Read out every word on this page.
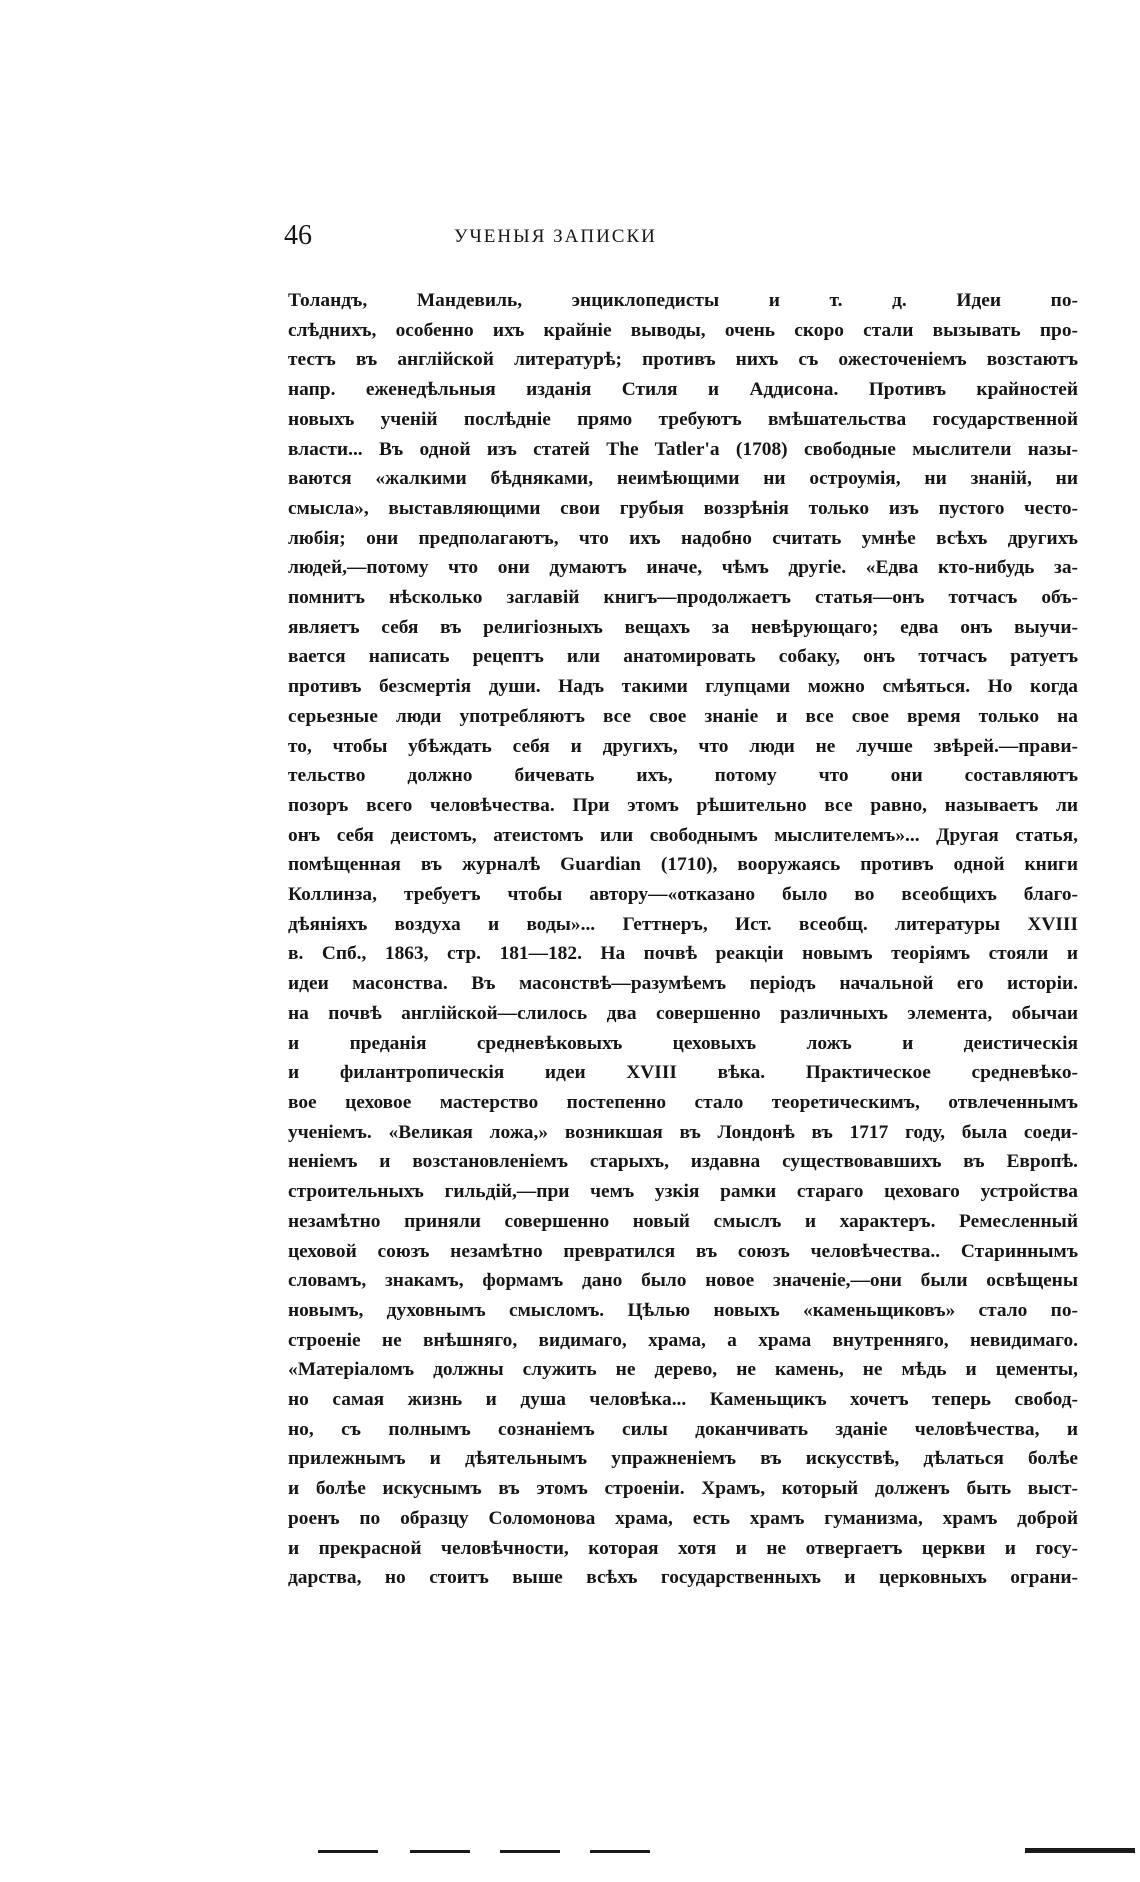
46	УЧЕНЫЯ ЗАПИСКИ
Толандъ, Мандевиль, энциклопедисты и т. д. Идеи по-
слѣднихъ, особенно ихъ крайніе выводы, очень скоро стали вызывать про-
тестъ въ англійской литературѣ; противъ нихъ съ ожесточеніемъ возстаютъ
напр. еженедѣльныя изданія Стиля и Аддисона. Противъ крайностей
новыхъ ученій послѣдніе прямо требуютъ вмѣшательства государственной
власти... Въ одной изъ статей The Tatler'a (1708) свободные мыслители назы-
ваются «жалкими бѣдняками, неимѣющими ни остроумія, ни знаній, ни
смысла», выставляющими свои грубыя воззрѣнія только изъ пустого често-
любія; они предполагаютъ, что ихъ надобно считать умнѣе всѣхъ другихъ
людей,—потому что они думаютъ иначе, чѣмъ другіе. «Едва кто-нибудь за-
помнитъ нѣсколько заглавій книгъ—продолжаетъ статья—онъ тотчасъ объ-
являетъ себя въ религіозныхъ вещахъ за невѣрующаго; едва онъ выучи-
вается написать рецептъ или анатомировать собаку, онъ тотчасъ ратуетъ
противъ безсмертія души. Надъ такими глупцами можно смѣяться. Но когда
серьезные люди употребляютъ все свое знаніе и все свое время только на
то, чтобы убѣждать себя и другихъ, что люди не лучше звѣрей.—прави-
тельство должно бичевать ихъ, потому что они составляютъ
позоръ всего человѣчества. При этомъ рѣшительно все равно, называетъ ли
онъ себя деистомъ, атеистомъ или свободнымъ мыслителемъ»... Другая статья,
помѣщенная въ журналѣ Guardian (1710), вооружаясь противъ одной книги
Коллинза, требуетъ чтобы автору—«отказано было во всеобщихъ благо-
дѣяніяхъ воздуха и воды»... Геттнеръ, Ист. всеобщ. литературы XVIII
в. Спб., 1863, стр. 181—182. На почвѣ реакціи новымъ теоріямъ стояли и
идеи масонства. Въ масонствѣ—разумѣемъ періодъ начальной его исторіи.
на почвѣ англійской—слилось два совершенно различныхъ элемента, обычаи
и преданія средневѣковыхъ цеховыхъ ложъ и деистическія
и филантропическія идеи XVIII вѣка. Практическое средневѣко-
вое цеховое мастерство постепенно стало теоретическимъ, отвлеченнымъ
ученіемъ. «Великая ложа,» возникшая въ Лондонѣ въ 1717 году, была соеди-
неніемъ и возстановленіемъ старыхъ, издавна существовавшихъ въ Европѣ.
строительныхъ гильдій,—при чемъ узкія рамки стараго цеховаго устройства
незамѣтно приняли совершенно новый смыслъ и характеръ. Ремесленный
цеховой союзъ незамѣтно превратился въ союзъ человѣчества.. Стариннымъ
словамъ, знакамъ, формамъ дано было новое значеніе,—они были освѣщены
новымъ, духовнымъ смысломъ. Цѣлью новыхъ «каменьщиковъ» стало по-
строеніе не внѣшняго, видимаго, храма, а храма внутренняго, невидимаго.
«Матеріаломъ должны служить не дерево, не камень, не мѣдь и цементы,
но самая жизнь и душа человѣка... Каменьщикъ хочетъ теперь свобод-
но, съ полнымъ сознаніемъ силы доканчивать зданіе человѣчества, и
прилежнымъ и дѣятельнымъ упражненіемъ въ искусствѣ, дѣлаться болѣе
и болѣе искуснымъ въ этомъ строеніи. Храмъ, который долженъ быть выст-
роенъ по образцу Соломонова храма, есть храмъ гуманизма, храмъ доброй
и прекрасной человѣчности, которая хотя и не отвергаетъ церкви и госу-
дарства, но стоитъ выше всѣхъ государственныхъ и церковныхъ ограни-
